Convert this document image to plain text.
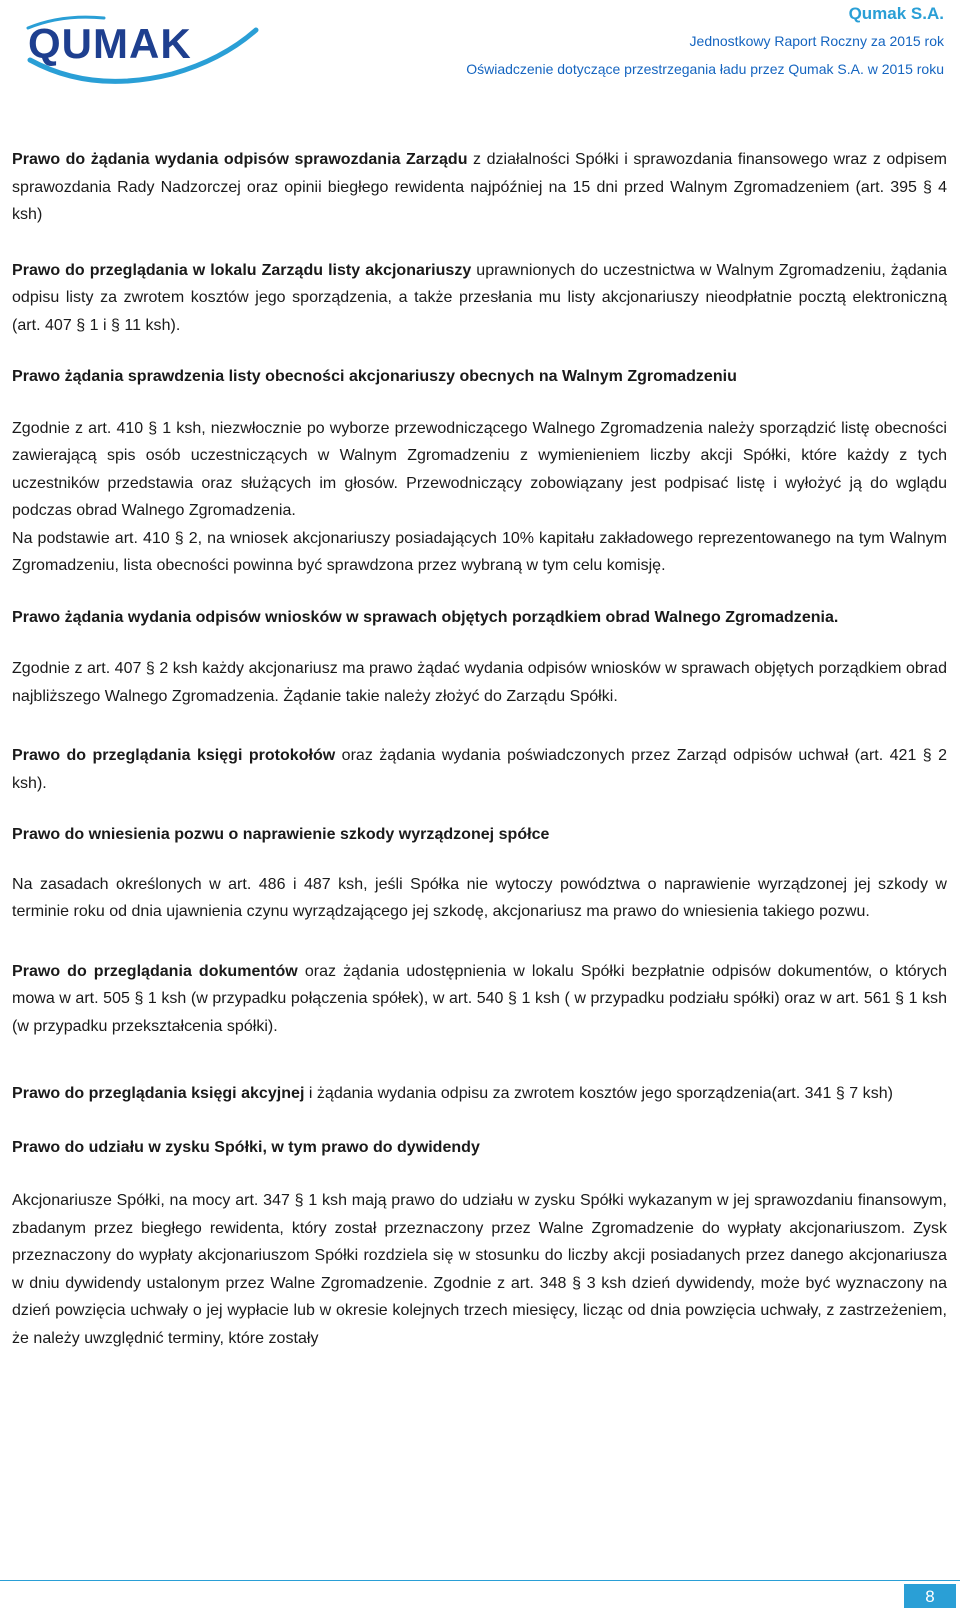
QUMAK
Qumak S.A.
Jednostkowy Raport Roczny za 2015 rok
Oświadczenie dotyczące przestrzegania ładu przez Qumak S.A. w 2015 roku

Prawo do żądania wydania odpisów sprawozdania Zarządu z działalności Spółki i sprawozdania finansowego wraz z odpisem sprawozdania Rady Nadzorczej oraz opinii biegłego rewidenta najpóźniej na 15 dni przed Walnym Zgromadzeniem (art. 395 § 4 ksh)

Prawo do przeglądania w lokalu Zarządu listy akcjonariuszy uprawnionych do uczestnictwa w Walnym Zgromadzeniu, żądania odpisu listy za zwrotem kosztów jego sporządzenia, a także przesłania mu listy akcjonariuszy nieodpłatnie pocztą elektroniczną (art. 407 § 1 i § 11 ksh).

Prawo żądania sprawdzenia listy obecności akcjonariuszy obecnych na Walnym Zgromadzeniu

Zgodnie z art. 410 § 1 ksh, niezwłocznie po wyborze przewodniczącego Walnego Zgromadzenia należy sporządzić listę obecności zawierającą spis osób uczestniczących w Walnym Zgromadzeniu z wymienieniem liczby akcji Spółki, które każdy z tych uczestników przedstawia oraz służących im głosów. Przewodniczący zobowiązany jest podpisać listę i wyłożyć ją do wglądu podczas obrad Walnego Zgromadzenia.

Na podstawie art. 410 § 2, na wniosek akcjonariuszy posiadających 10% kapitału zakładowego reprezentowanego na tym Walnym Zgromadzeniu, lista obecności powinna być sprawdzona przez wybraną w tym celu komisję.

Prawo żądania wydania odpisów wniosków w sprawach objętych porządkiem obrad Walnego Zgromadzenia.

Zgodnie z art. 407 § 2 ksh każdy akcjonariusz ma prawo żądać wydania odpisów wniosków w sprawach objętych porządkiem obrad najbliższego Walnego Zgromadzenia. Żądanie takie należy złożyć do Zarządu Spółki.

Prawo do przeglądania księgi protokołów oraz żądania wydania poświadczonych przez Zarząd odpisów uchwał (art. 421 § 2 ksh).

Prawo do wniesienia pozwu o naprawienie szkody wyrządzonej spółce

Na zasadach określonych w art. 486 i 487 ksh, jeśli Spółka nie wytoczy powództwa o naprawienie wyrządzonej jej szkody w terminie roku od dnia ujawnienia czynu wyrządzającego jej szkodę, akcjonariusz ma prawo do wniesienia takiego pozwu.

Prawo do przeglądania dokumentów oraz żądania udostępnienia w lokalu Spółki bezpłatnie odpisów dokumentów, o których mowa w art. 505 § 1 ksh (w przypadku połączenia spółek), w art. 540 § 1 ksh ( w przypadku podziału spółki) oraz w art. 561 § 1 ksh (w przypadku przekształcenia spółki).

Prawo do przeglądania księgi akcyjnej i żądania wydania odpisu za zwrotem kosztów jego sporządzenia(art. 341 § 7 ksh)

Prawo do udziału w zysku Spółki, w tym prawo do dywidendy

Akcjonariusze Spółki, na mocy art. 347 § 1 ksh mają prawo do udziału w zysku Spółki wykazanym w jej sprawozdaniu finansowym, zbadanym przez biegłego rewidenta, który został przeznaczony przez Walne Zgromadzenie do wypłaty akcjonariuszom. Zysk przeznaczony do wypłaty akcjonariuszom Spółki rozdziela się w stosunku do liczby akcji posiadanych przez danego akcjonariusza w dniu dywidendy ustalonym przez Walne Zgromadzenie. Zgodnie z art. 348 § 3 ksh dzień dywidendy, może być wyznaczony na dzień powzięcia uchwały o jej wypłacie lub w okresie kolejnych trzech miesięcy, licząc od dnia powzięcia uchwały, z zastrzeżeniem, że należy uwzględnić terminy, które zostały

8
